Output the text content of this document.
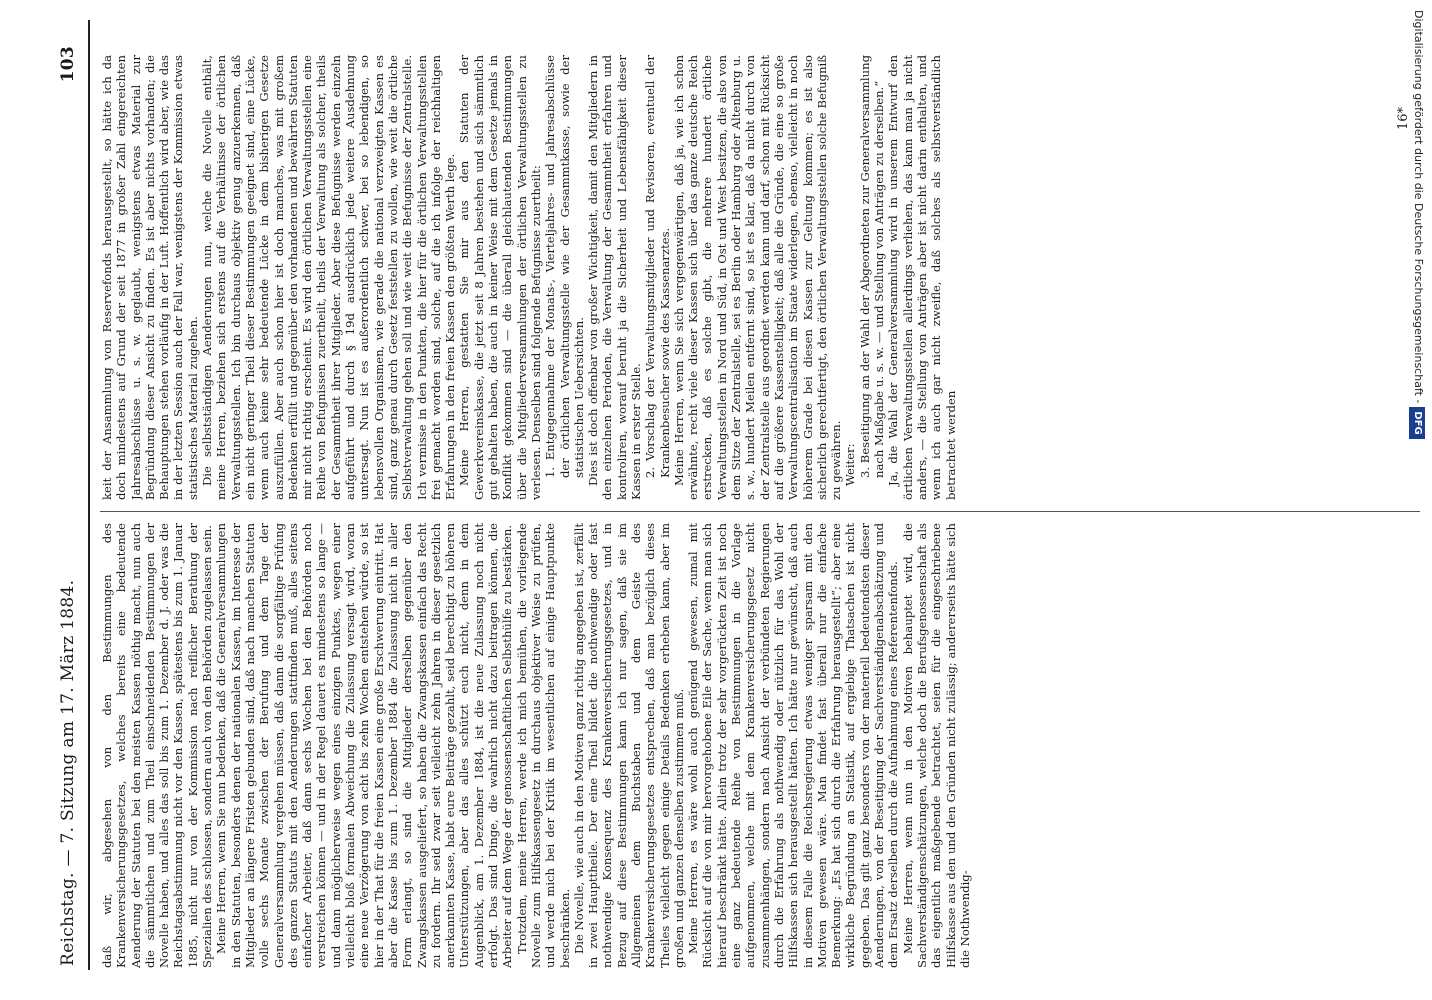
Reichstag. — 7. Sitzung am 17. März 1884.
103

daß wir, abgesehen von den Bestimmungen des Krankenversicherungsgesetzes, welches bereits eine bedeutende Aenderung der Statuten bei den meisten Kassen nöthig macht, nun auch die sämmtlichen und zum Theil einschneidenden Bestimmungen der Novelle haben, und alles das soll bis zum 1. Dezember d. J. oder was die Reichstagsabstimmung nicht vor den Kassen, spätestens bis zum 1. Januar 1885, nicht nur von der Kommission nach reiflicher Berathung der Spezialien des schlossen, sondern auch von den Behörden zugelassen sein. Meine Herren, wenn Sie nun bedenken, daß die Generalversammlungen in den Statuten, besonders denen der nationalen Kassen, im Interesse der Mitglieder an längere Fristen gebunden sind, daß nach manchen Statuten volle sechs Monate zwischen der Berufung und dem Tage der Generalversammlung vergehen müssen, daß dann die sorgfältige Prüfung des ganzen Statuts mit den Aenderungen stattfinden muß, alles seitens einfacher Arbeiter, daß dann sechs Wochen bei den Behörden noch verstreichen können — und in der Regel dauert es mindestens so lange — und dann möglicherweise wegen eines einzigen Punktes, wegen einer vielleicht bloß formalen Abweichung die Zulassung versagt wird, woran eine neue Verzögerung von acht bis zehn Wochen entstehen würde, so ist hier in der That für die freien Kassen eine große Erschwerung eintritt. Hat aber die Kasse bis zum 1. Dezember 1884 die Zulassung nicht in aller Form erlangt, so sind die Mitglieder derselben gegenüber den Zwangskassen ausgeliefert, so haben die Zwangskassen einfach das Recht zu fordern. Ihr seid zwar seit vielleicht zehn Jahren in dieser gesetzlich anerkannten Kasse, habt eure Beiträge gezahlt, seid berechtigt zu höheren Unterstützungen, aber das alles schützt euch nicht, denn in dem Augenblick, am 1. Dezember 1884, ist die neue Zulassung noch nicht erfolgt. Das sind Dinge, die wahrlich nicht dazu beitragen können, die Arbeiter auf dem Wege der genossenschaftlichen Selbsthülfe zu bestärken. Trotzdem, meine Herren, werde ich mich bemühen, die vorliegende Novelle zum Hilfskassengesetz in durchaus objektiver Weise zu prüfen, und werde mich bei der Kritik im wesentlichen auf einige Hauptpunkte beschränken. Die Novelle, wie auch in den Motiven ganz richtig angegeben ist, zerfällt in zwei Haupttheile. Der eine Theil bildet die nothwendige oder fast nothwendige Konsequenz des Krankenversicherungsgesetzes, und in Bezug auf diese Bestimmungen kann ich nur sagen, daß sie im Allgemeinen dem Buchstaben und dem Geiste des Krankenversicherungsgesetzes entsprechen, daß man bezüglich dieses Theiles vielleicht gegen einige Details Bedenken erheben kann, aber im großen und ganzen denselben zustimmen muß. Meine Herren, es wäre wohl auch genügend gewesen, zumal mit Rücksicht auf die von mir hervorgehobene Eile der Sache, wenn man sich hierauf beschränkt hätte. Allein trotz der sehr vorgerückten Zeit ist noch eine ganz bedeutende Reihe von Bestimmungen in die Vorlage aufgenommen, welche mit dem Krankenversicherungsgesetz nicht zusammenhängen, sondern nach Ansicht der verbündeten Regierungen durch die Erfahrung als nothwendig oder nützlich für das Wohl der Hilfskassen sich herausgestellt hätten. Ich hätte nur gewünscht, daß auch in diesem Falle die Reichsregierung etwas weniger sparsam mit den Motiven gewesen wäre. Man findet fast überall nur die einfache Bemerkung: „Es hat sich durch die Erfahrung herausgestellt“; aber eine wirkliche Begründung an Statistik, auf ergiebige Thatsachen ist nicht gegeben. Das gilt ganz besonders von der materiell bedeutendsten dieser Aenderungen, von der Beseitigung der Sachverständigenabschätzung und dem Ersatz derselben durch die Aufnahmung eines Referentenfonds. Meine Herren, wenn nun in den Motiven behauptet wird, die Sachverständigenschätzungen, welche doch die Berufsgenossenschaft als das eigentlich maßgebende betrachtet, seien für die eingeschriebene Hilfskasse aus den und den Gründen nicht zulässig; andererseits hätte sich die Nothwendig-

keit der Ansammlung von Reservefonds herausgestellt, so hätte ich da doch mindestens auf Grund der seit 1877 in großer Zahl eingereichten Jahresabschlüsse u. s. w. geglaubt, wenigstens etwas Material zur Begründung dieser Ansicht zu finden. Es ist aber nichts vorhanden; die Behauptungen stehen vorläufig in der Luft. Hoffentlich wird aber, wie das in der letzten Session auch der Fall war, wenigstens der Kommission etwas statistisches Material zugehen. Die selbstständigen Aenderungen nun, welche die Novelle enthält, meine Herren, beziehen sich erstens auf die Verhältnisse der örtlichen Verwaltungsstellen. Ich bin durchaus objektiv genug anzuerkennen, daß ein nicht geringer Theil dieser Bestimmungen geeignet sind, eine Lücke, wenn auch keine sehr bedeutende Lücke in dem bisherigen Gesetze auszufüllen. Aber auch schon hier ist doch manches, was mit großem Bedenken erfüllt und gegenüber den vorhandenen und bewährten Statuten mir nicht richtig erscheint. Es wird den örtlichen Verwaltungsstellen eine Reihe von Befugnissen zuertheilt, theils der Verwaltung als solcher, theils der Gesammtheit ihrer Mitglieder. Aber diese Befugnisse werden einzeln aufgeführt und durch § 19d ausdrücklich jede weitere Ausdehnung untersagt. Nun ist es außerordentlich schwer, bei so lebendigen, so lebensvollen Organismen, wie gerade die national verzweigten Kassen es sind, ganz genau durch Gesetz feststellen zu wollen, wie weit die örtliche Selbstverwaltung gehen soll und wie weit die Befugnisse der Zentralstelle. Ich vermisse in den Punkten, die hier für die örtlichen Verwaltungsstellen frei gemacht worden sind, solche, auf die ich infolge der reichhaltigen Erfahrungen in den freien Kassen den größten Werth lege. Meine Herren, gestatten Sie mir aus den Statuten der Gewerkvereinskasse, die jetzt seit 8 Jahren bestehen und sich sämmtlich gut gehalten haben, die auch in keiner Weise mit dem Gesetze jemals in Konflikt gekommen sind — die überall gleichlautenden Bestimmungen über die Mitgliederversammlungen der örtlichen Verwaltungsstellen zu verlesen. Denselben sind folgende Befugnisse zuertheilt: 1. Entgegennahme der Monats-, Vierteljahres- und Jahresabschlüsse der örtlichen Verwaltungsstelle wie der Gesammtkasse, sowie der statistischen Uebersichten. Dies ist doch offenbar von großer Wichtigkeit, damit den Mitgliedern in den einzelnen Perioden, die Verwaltung der Gesammtheit erfahren und kontroliren, worauf beruht ja die Sicherheit und Lebensfähigkeit dieser Kassen in erster Stelle. 2. Vorschlag der Verwaltungsmitglieder und Revisoren, eventuell der Krankenbesucher sowie des Kassenarztes. Meine Herren, wenn Sie sich vergegenwärtigen, daß ja, wie ich schon erwähnte, recht viele dieser Kassen sich über das ganze deutsche Reich erstrecken, daß es solche gibt, die mehrere hundert örtliche Verwaltungsstellen in Nord und Süd, in Ost und West besitzen, die also von dem Sitze der Zentralstelle, sei es Berlin oder Hamburg oder Altenburg u. s. w., hundert Meilen entfernt sind, so ist es klar, daß da nicht durch von der Zentralstelle aus geordnet werden kann und darf, schon mit Rücksicht auf die größere Kassenstelligkeit; daß alle die Gründe, die eine so große Verwaltungscentralisation im Staate widerlegen, ebenso, vielleicht in noch höherem Grade bei diesen Kassen zur Geltung kommen; es ist also sicherlich gerechtfertigt, den örtlichen Verwaltungsstellen solche Befugniß zu gewähren. Weiter: 3. Beseitigung an der Wahl der Abgeordneten zur Generalversammlung nach Maßgabe u. s. w. — und Stellung von Anträgen zu derselben.“ Ja, die Wahl der Generalversammlung wird in unserem Entwurf den örtlichen Verwaltungsstellen allerdings verliehen, das kann man ja nicht anders, — die Stellung von Anträgen aber ist nicht darin enthalten, und wenn ich auch gar nicht zweifle, daß solches als selbstverständlich betrachtet werden

16* Digitalisierung gefördert durch die Deutsche Forschungsgemeinschaft -DFG
